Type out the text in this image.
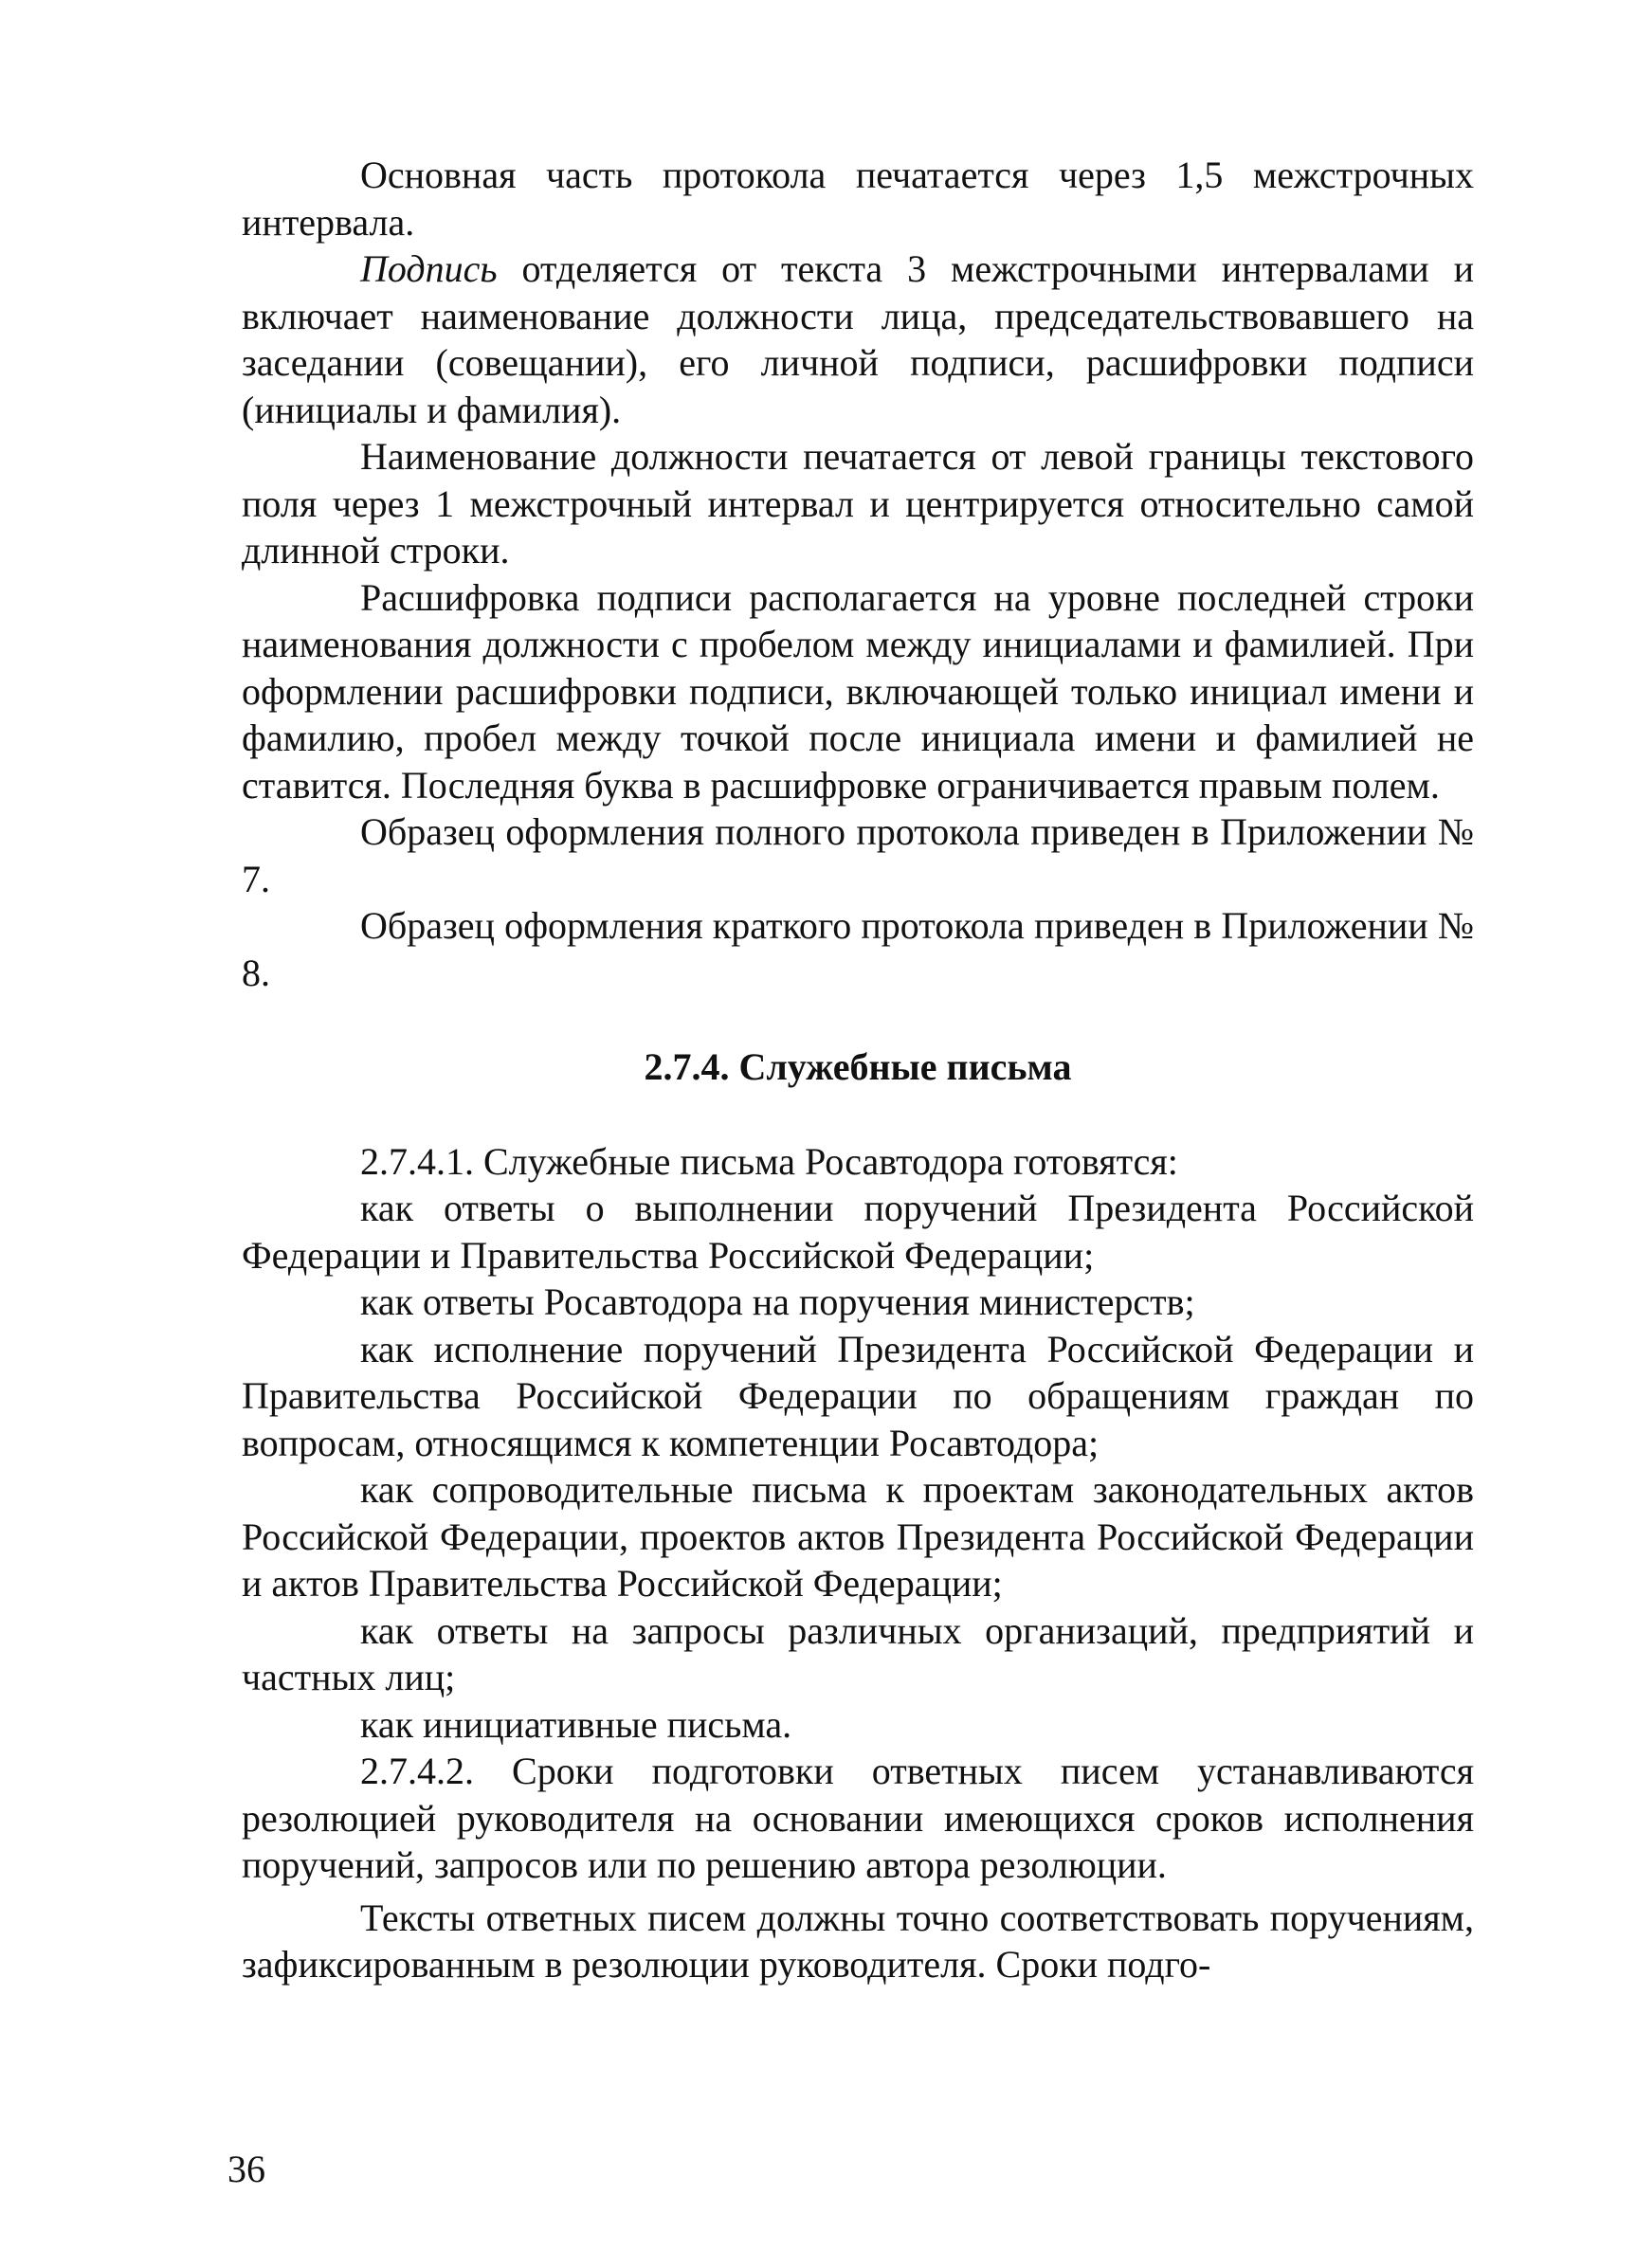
Основная часть протокола печатается через 1,5 межстрочных интервала.

Подпись отделяется от текста 3 межстрочными интервалами и включает наименование должности лица, председательствовавшего на заседании (совещании), его личной подписи, расшифровки подписи (инициалы и фамилия).

Наименование должности печатается от левой границы текстового поля через 1 межстрочный интервал и центрируется относительно самой длинной строки.

Расшифровка подписи располагается на уровне последней строки наименования должности с пробелом между инициалами и фамилией. При оформлении расшифровки подписи, включающей только инициал имени и фамилию, пробел между точкой после инициала имени и фамилией не ставится. Последняя буква в расшифровке ограничивается правым полем.

Образец оформления полного протокола приведен в Приложении № 7.

Образец оформления краткого протокола приведен в Приложении № 8.

2.7.4. Служебные письма

2.7.4.1. Служебные письма Росавтодора готовятся:

как ответы о выполнении поручений Президента Российской Федерации и Правительства Российской Федерации;

как ответы Росавтодора на поручения министерств;

как исполнение поручений Президента Российской Федерации и Правительства Российской Федерации по обращениям граждан по вопросам, относящимся к компетенции Росавтодора;

как сопроводительные письма к проектам законодательных актов Российской Федерации, проектов актов Президента Российской Федерации и актов Правительства Российской Федерации;

как ответы на запросы различных организаций, предприятий и частных лиц;

как инициативные письма.

2.7.4.2. Сроки подготовки ответных писем устанавливаются резолюцией руководителя на основании имеющихся сроков исполнения поручений, запросов или по решению автора резолюции.

Тексты ответных писем должны точно соответствовать поручениям, зафиксированным в резолюции руководителя. Сроки подго-

36
